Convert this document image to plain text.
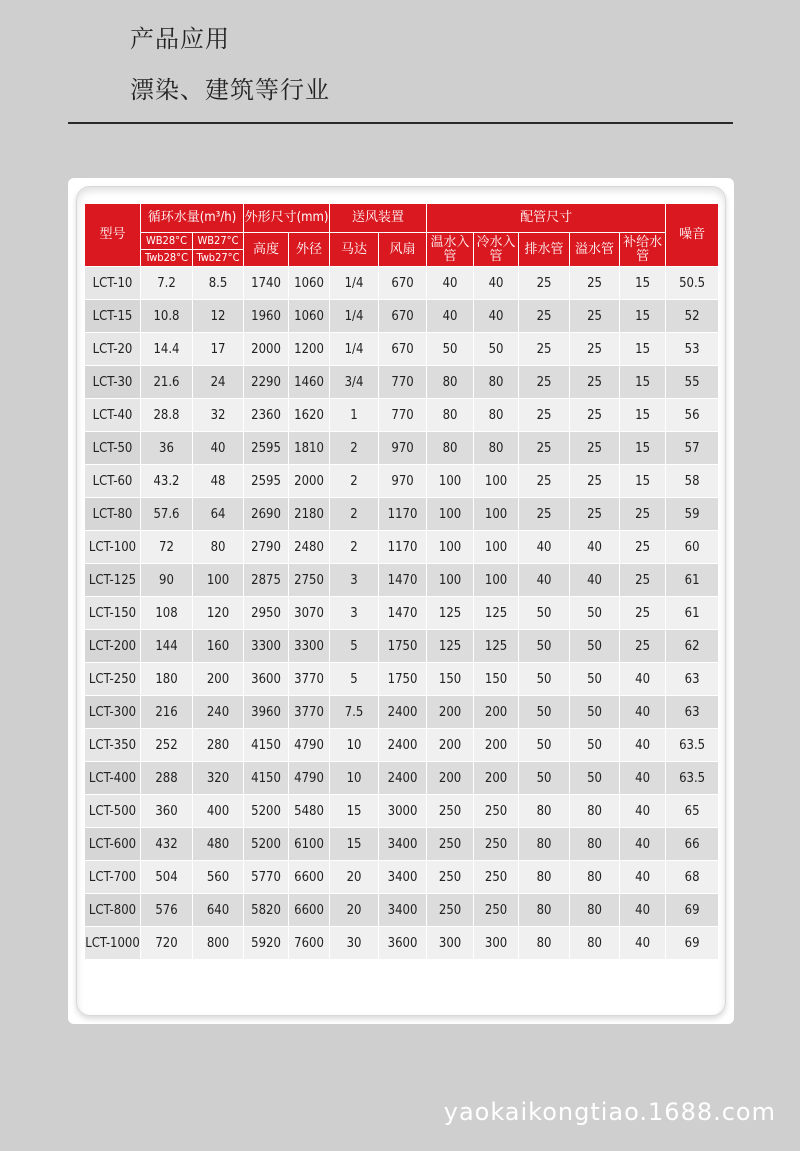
产品应用
漂染、建筑等行业
型号	循环水量(m³/h)		外形尺寸(mm)		送风装置		配管尺寸					噪音
	WB28°C	WB27°C	高度	外径	马达	风扇	温水入管	冷水入管	排水管	溢水管	补给水管	
	Twb28°C	Twb27°C										
LCT-10	7.2	8.5	1740	1060	1/4	670	40	40	25	25	15	50.5
LCT-15	10.8	12	1960	1060	1/4	670	40	40	25	25	15	52
LCT-20	14.4	17	2000	1200	1/4	670	50	50	25	25	15	53
LCT-30	21.6	24	2290	1460	3/4	770	80	80	25	25	15	55
LCT-40	28.8	32	2360	1620	1	770	80	80	25	25	15	56
LCT-50	36	40	2595	1810	2	970	80	80	25	25	15	57
LCT-60	43.2	48	2595	2000	2	970	100	100	25	25	15	58
LCT-80	57.6	64	2690	2180	2	1170	100	100	25	25	25	59
LCT-100	72	80	2790	2480	2	1170	100	100	40	40	25	60
LCT-125	90	100	2875	2750	3	1470	100	100	40	40	25	61
LCT-150	108	120	2950	3070	3	1470	125	125	50	50	25	61
LCT-200	144	160	3300	3300	5	1750	125	125	50	50	25	62
LCT-250	180	200	3600	3770	5	1750	150	150	50	50	40	63
LCT-300	216	240	3960	3770	7.5	2400	200	200	50	50	40	63
LCT-350	252	280	4150	4790	10	2400	200	200	50	50	40	63.5
LCT-400	288	320	4150	4790	10	2400	200	200	50	50	40	63.5
LCT-500	360	400	5200	5480	15	3000	250	250	80	80	40	65
LCT-600	432	480	5200	6100	15	3400	250	250	80	80	40	66
LCT-700	504	560	5770	6600	20	3400	250	250	80	80	40	68
LCT-800	576	640	5820	6600	20	3400	250	250	80	80	40	69
LCT-1000	720	800	5920	7600	30	3600	300	300	80	80	40	69
yaokaikongtiao.1688.com
